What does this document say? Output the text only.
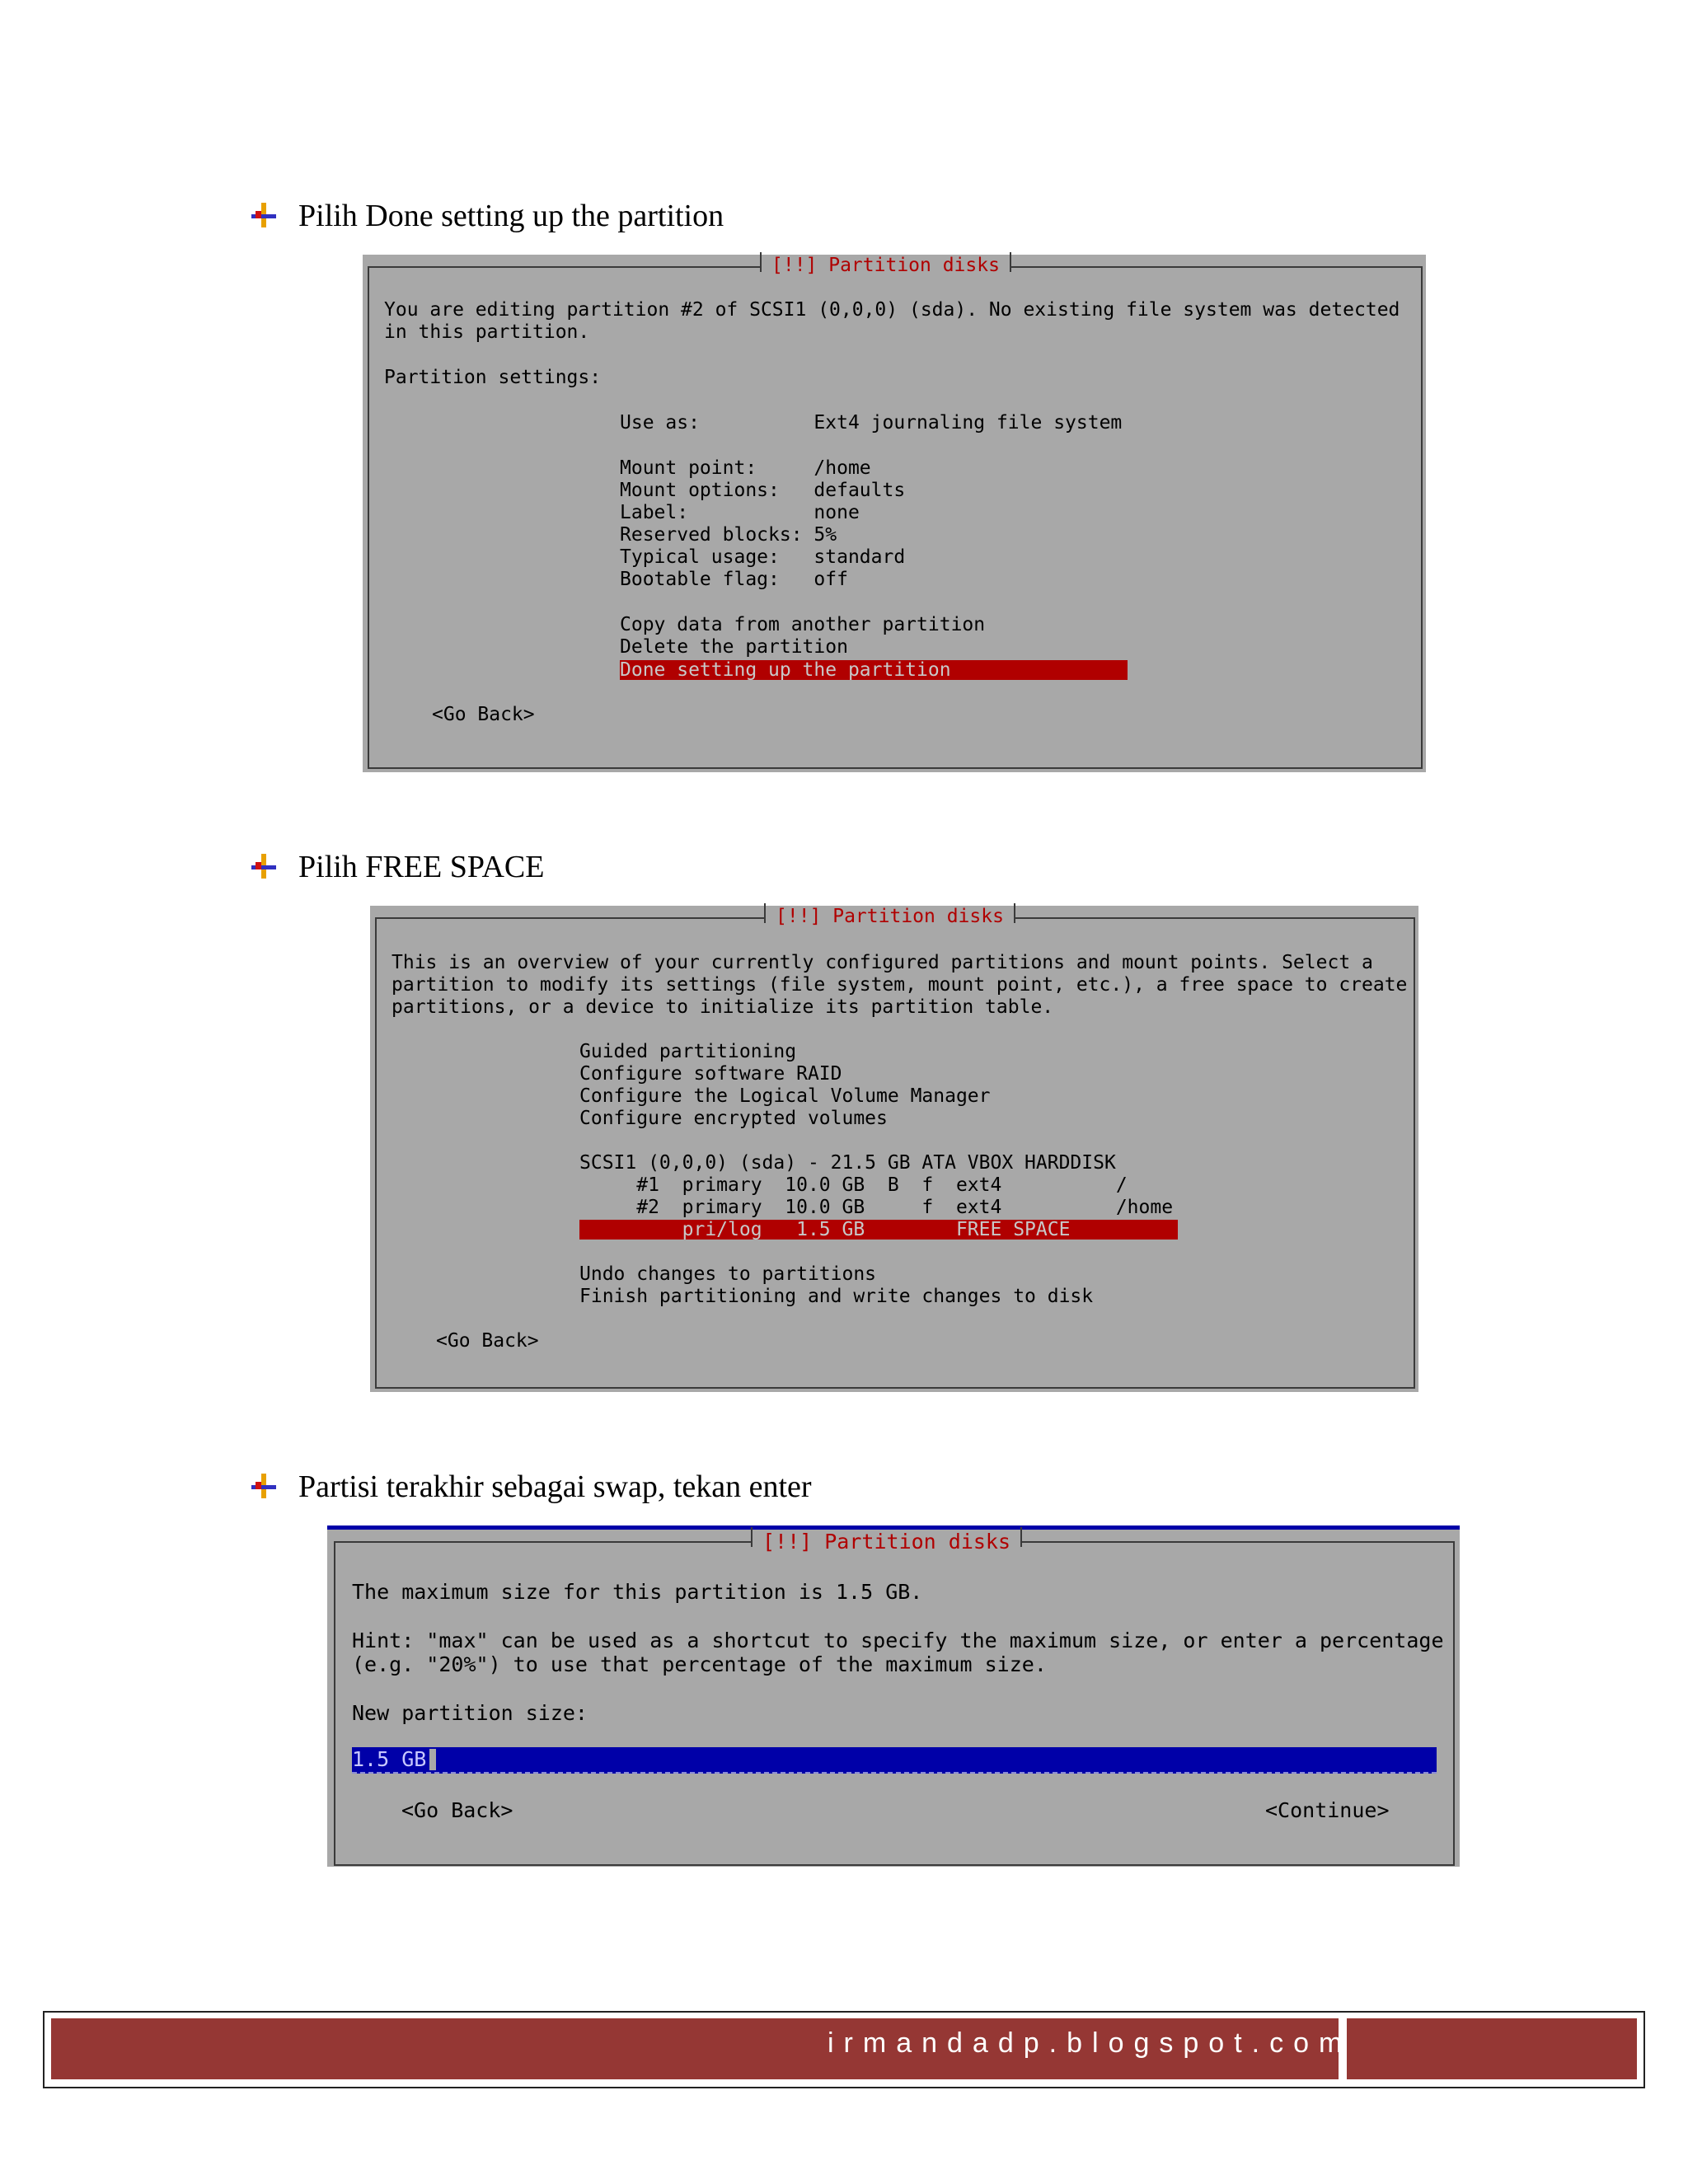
Pilih Done setting up the partition
[!!] Partition disks
You are editing partition #2 of SCSI1 (0,0,0) (sda). No existing file system was detected
in this partition.
Partition settings:
Use as:          Ext4 journaling file system
Mount point:     /home
Mount options:   defaults
Label:           none
Reserved blocks: 5%
Typical usage:   standard
Bootable flag:   off
Copy data from another partition
Delete the partition
Done setting up the partition
<Go Back>
Pilih FREE SPACE
[!!] Partition disks
This is an overview of your currently configured partitions and mount points. Select a
partition to modify its settings (file system, mount point, etc.), a free space to create
partitions, or a device to initialize its partition table.
Guided partitioning
Configure software RAID
Configure the Logical Volume Manager
Configure encrypted volumes
SCSI1 (0,0,0) (sda) - 21.5 GB ATA VBOX HARDDISK
#1  primary  10.0 GB  B  f  ext4          /
#2  primary  10.0 GB     f  ext4          /home
pri/log   1.5 GB        FREE SPACE
Undo changes to partitions
Finish partitioning and write changes to disk
<Go Back>
Partisi terakhir sebagai swap, tekan enter
[!!] Partition disks
The maximum size for this partition is 1.5 GB.
Hint: "max" can be used as a shortcut to specify the maximum size, or enter a percentage
(e.g. "20%") to use that percentage of the maximum size.
New partition size:
1.5 GB
<Go Back>	<Continue>
irmandadp.blogspot.com
